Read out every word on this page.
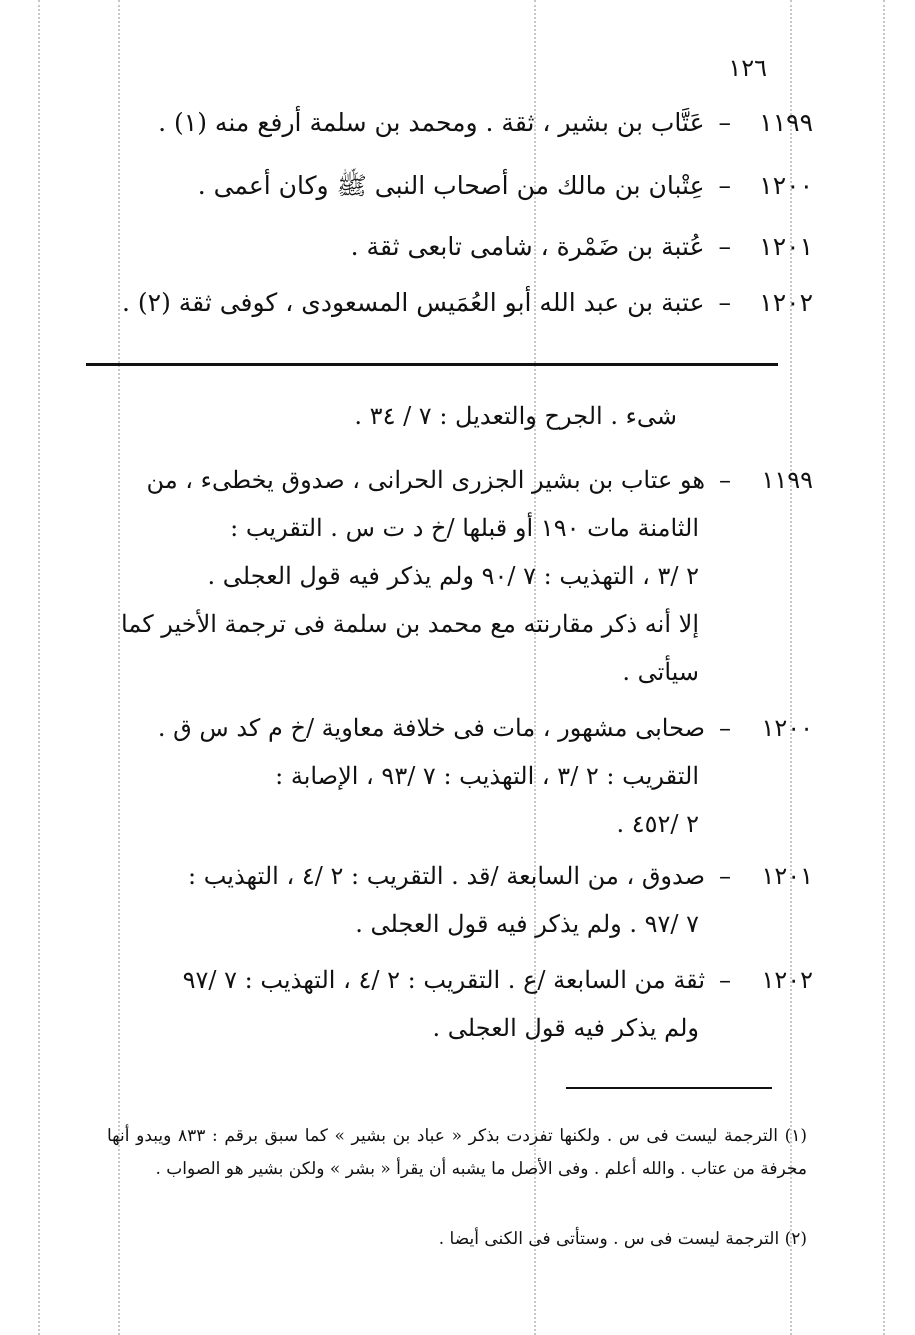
١٢٦
١١٩٩
–
عَتَّاب بن بشير ، ثقة . ومحمد بن سلمة أرفع منه (١) .
١٢٠٠
–
عِتْبان بن مالك من أصحاب النبى ﷺ وكان أعمى .
١٢٠١
–
عُتبة بن ضَمْرة ، شامى تابعى ثقة .
١٢٠٢
–
عتبة بن عبد الله أبو العُمَيس المسعودى ، كوفى ثقة (٢) .
شىء . الجرح والتعديل : ٧ / ٣٤ .
١١٩٩
–
هو عتاب بن بشير الجزرى الحرانى ، صدوق يخطىء ، من
الثامنة مات ١٩٠ أو قبلها /خ د ت س . التقريب :
٢ /٣ ، التهذيب : ٧ /٩٠ ولم يذكر فيه قول العجلى .
إلا أنه ذكر مقارنته مع محمد بن سلمة فى ترجمة الأخير كما
سيأتى .
١٢٠٠
–
صحابى مشهور ، مات فى خلافة معاوية /خ م كد س ق .
التقريب : ٢ /٣ ، التهذيب : ٧ /٩٣ ، الإصابة :
٢ /٤٥٢ .
١٢٠١
–
صدوق ، من السابعة /قد . التقريب : ٢ /٤ ، التهذيب :
٧ /٩٧ . ولم يذكر فيه قول العجلى .
١٢٠٢
–
ثقة من السابعة /ع . التقريب : ٢ /٤ ، التهذيب : ٧ /٩٧
ولم يذكر فيه قول العجلى .
(١) الترجمة ليست فى س . ولكنها تفردت بذكر « عباد بن بشير » كما سبق برقم : ٨٣٣ ويبدو أنها محرفة من عتاب . والله أعلم . وفى الأصل ما يشبه أن يقرأ « بشر » ولكن بشير هو الصواب .
(٢) الترجمة ليست فى س . وستأتى فى الكنى أيضا .
